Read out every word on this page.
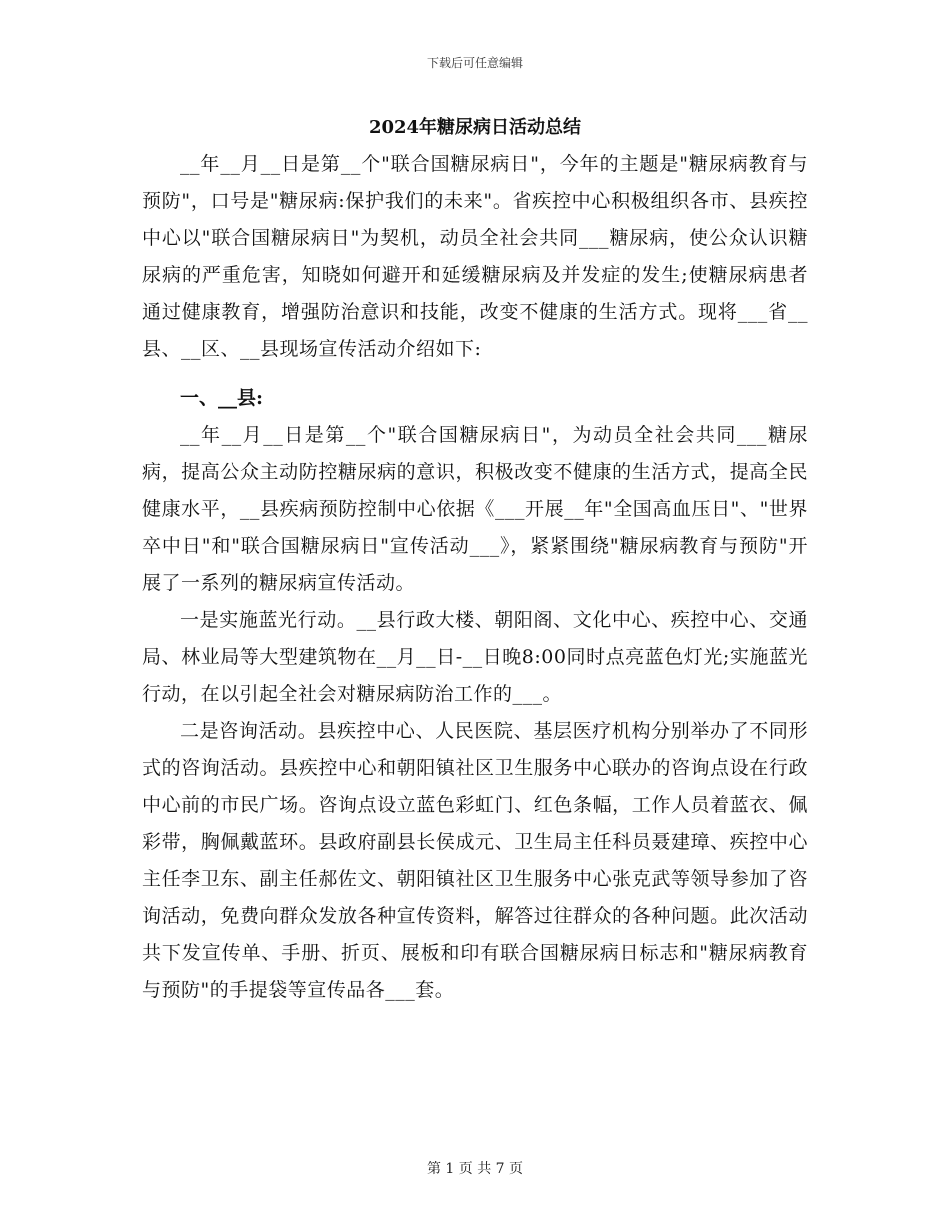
下载后可任意编辑
2024年糖尿病日活动总结

__年__月__日是第__个"联合国糖尿病日"，今年的主题是"糖尿病教育与预防"，口号是"糖尿病:保护我们的未来"。省疾控中心积极组织各市、县疾控中心以"联合国糖尿病日"为契机，动员全社会共同___糖尿病，使公众认识糖尿病的严重危害，知晓如何避开和延缓糖尿病及并发症的发生;使糖尿病患者通过健康教育，增强防治意识和技能，改变不健康的生活方式。现将___省__县、__区、__县现场宣传活动介绍如下:

一、__县:

__年__月__日是第__个"联合国糖尿病日"，为动员全社会共同___糖尿病，提高公众主动防控糖尿病的意识，积极改变不健康的生活方式，提高全民健康水平，__县疾病预防控制中心依据《___开展__年"全国高血压日"、"世界卒中日"和"联合国糖尿病日"宣传活动___》，紧紧围绕"糖尿病教育与预防"开展了一系列的糖尿病宣传活动。

一是实施蓝光行动。__县行政大楼、朝阳阁、文化中心、疾控中心、交通局、林业局等大型建筑物在__月__日-__日晚8:00同时点亮蓝色灯光;实施蓝光行动，在以引起全社会对糖尿病防治工作的___。

二是咨询活动。县疾控中心、人民医院、基层医疗机构分别举办了不同形式的咨询活动。县疾控中心和朝阳镇社区卫生服务中心联办的咨询点设在行政中心前的市民广场。咨询点设立蓝色彩虹门、红色条幅，工作人员着蓝衣、佩彩带，胸佩戴蓝环。县政府副县长侯成元、卫生局主任科员聂建璋、疾控中心主任李卫东、副主任郝佐文、朝阳镇社区卫生服务中心张克武等领导参加了咨询活动，免费向群众发放各种宣传资料，解答过往群众的各种问题。此次活动共下发宣传单、手册、折页、展板和印有联合国糖尿病日标志和"糖尿病教育与预防"的手提袋等宣传品各___套。

第 1 页 共 7 页
